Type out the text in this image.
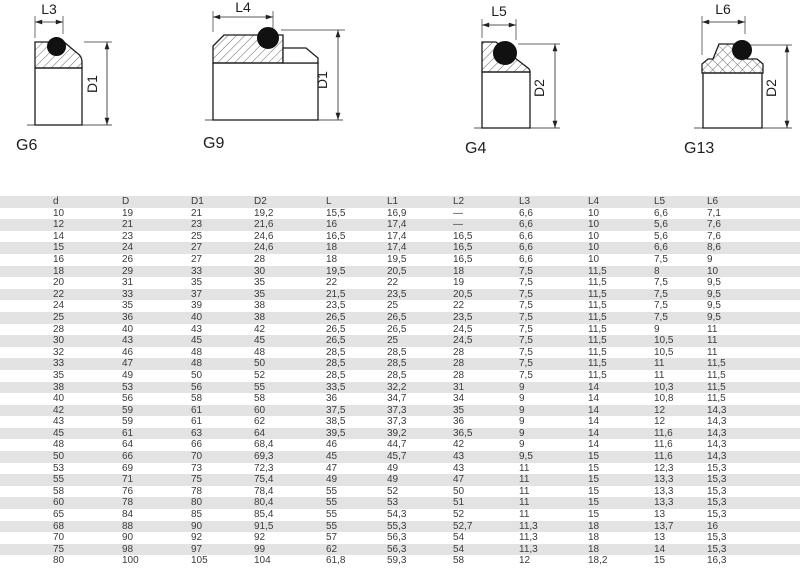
L3
D1
G6
L4
D1
G9
L5
D2
G4
L6
D2
G13
	d	D	D1	D2	L	L1	L2	L3	L4	L5	L6
	10	19	21	19,2	15,5	16,9	—	6,6	10	6,6	7,1
	12	21	23	21,6	16	17,4	—	6,6	10	5,6	7,6
	14	23	25	24,6	16,5	17,4	16,5	6,6	10	5,6	7,6
	15	24	27	24,6	18	17,4	16,5	6,6	10	6,6	8,6
	16	26	27	28	18	19,5	16,5	6,6	10	7,5	9
	18	29	33	30	19,5	20,5	18	7,5	11,5	8	10
	20	31	35	35	22	22	19	7,5	11,5	7,5	9,5
	22	33	37	35	21,5	23,5	20,5	7,5	11,5	7,5	9,5
	24	35	39	38	23,5	25	22	7,5	11,5	7,5	9,5
	25	36	40	38	26,5	26,5	23,5	7,5	11,5	7,5	9,5
	28	40	43	42	26,5	26,5	24,5	7,5	11,5	9	11
	30	43	45	45	26,5	25	24,5	7,5	11,5	10,5	11
	32	46	48	48	28,5	28,5	28	7,5	11,5	10,5	11
	33	47	48	50	28,5	28,5	28	7,5	11,5	11	11,5
	35	49	50	52	28,5	28,5	28	7,5	11,5	11	11,5
	38	53	56	55	33,5	32,2	31	9	14	10,3	11,5
	40	56	58	58	36	34,7	34	9	14	10,8	11,5
	42	59	61	60	37,5	37,3	35	9	14	12	14,3
	43	59	61	62	38,5	37,3	36	9	14	12	14,3
	45	61	63	64	39,5	39,2	36,5	9	14	11,6	14,3
	48	64	66	68,4	46	44,7	42	9	14	11,6	14,3
	50	66	70	69,3	45	45,7	43	9,5	15	11,6	14,3
	53	69	73	72,3	47	49	43	11	15	12,3	15,3
	55	71	75	75,4	49	49	47	11	15	13,3	15,3
	58	76	78	78,4	55	52	50	11	15	13,3	15,3
	60	78	80	80,4	55	53	51	11	15	13,3	15,3
	65	84	85	85,4	55	54,3	52	11	15	13	15,3
	68	88	90	91,5	55	55,3	52,7	11,3	18	13,7	16
	70	90	92	92	57	56,3	54	11,3	18	13	15,3
	75	98	97	99	62	56,3	54	11,3	18	14	15,3
	80	100	105	104	61,8	59,3	58	12	18,2	15	16,3
